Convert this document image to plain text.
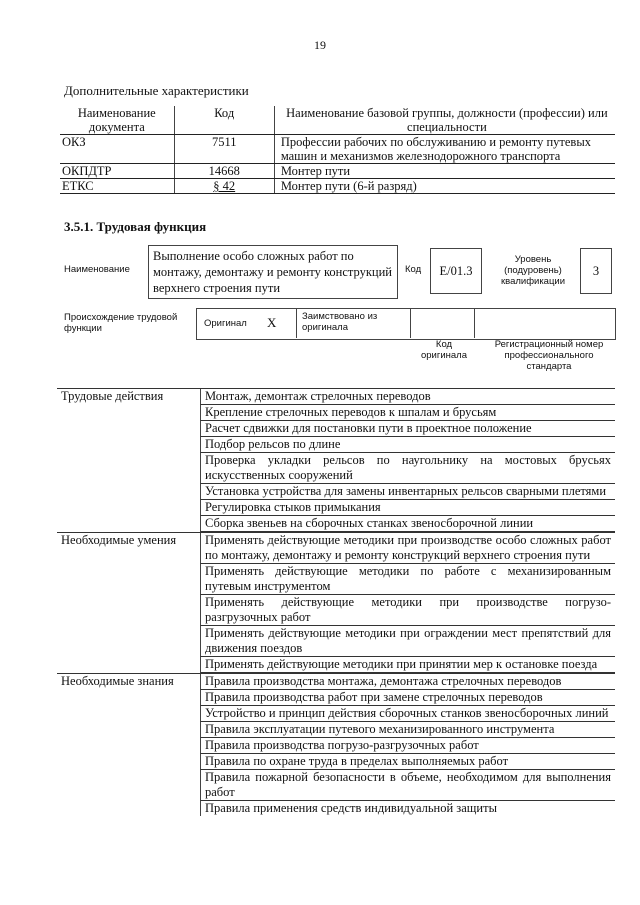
19
Дополнительные характеристики
Наименование документа	Код	Наименование базовой группы, должности (профессии) или специальности
ОКЗ	7511	Профессии рабочих по обслуживанию и ремонту путевых машин и механизмов железнодорожного транспорта
ОКПДТР	14668	Монтер пути
ЕТКС	§ 42	Монтер пути (6-й разряд)
3.5.1. Трудовая функция
Наименование
Выполнение особо сложных работ по монтажу, демонтажу и ремонту конструкций верхнего строения пути
Код	E/01.3
Уровень (подуровень) квалификации
3
Происхождение трудовой функции	Оригинал X	Заимствовано из оригинала
Код оригинала
Регистрационный номер профессионального стандарта
Трудовые действия	Монтаж, демонтаж стрелочных переводов
Крепление стрелочных переводов к шпалам и брусьям
Расчет сдвижки для постановки пути в проектное положение
Подбор рельсов по длине
Проверка укладки рельсов по наугольнику на мостовых брусьях искусственных сооружений
Установка устройства для замены инвентарных рельсов сварными плетями
Регулировка стыков примыкания
Сборка звеньев на сборочных станках звеносборочной линии
Необходимые умения	Применять действующие методики при производстве особо сложных работ по монтажу, демонтажу и ремонту конструкций верхнего строения пути
Применять действующие методики по работе с механизированным путевым инструментом
Применять действующие методики при производстве погрузо-разгрузочных работ
Применять действующие методики при ограждении мест препятствий для движения поездов
Применять действующие методики при принятии мер к остановке поезда
Необходимые знания	Правила производства монтажа, демонтажа стрелочных переводов
Правила производства работ при замене стрелочных переводов
Устройство и принцип действия сборочных станков звеносборочных линий
Правила эксплуатации путевого механизированного инструмента
Правила производства погрузо-разгрузочных работ
Правила по охране труда в пределах выполняемых работ
Правила пожарной безопасности в объеме, необходимом для выполнения работ
Правила применения средств индивидуальной защиты
